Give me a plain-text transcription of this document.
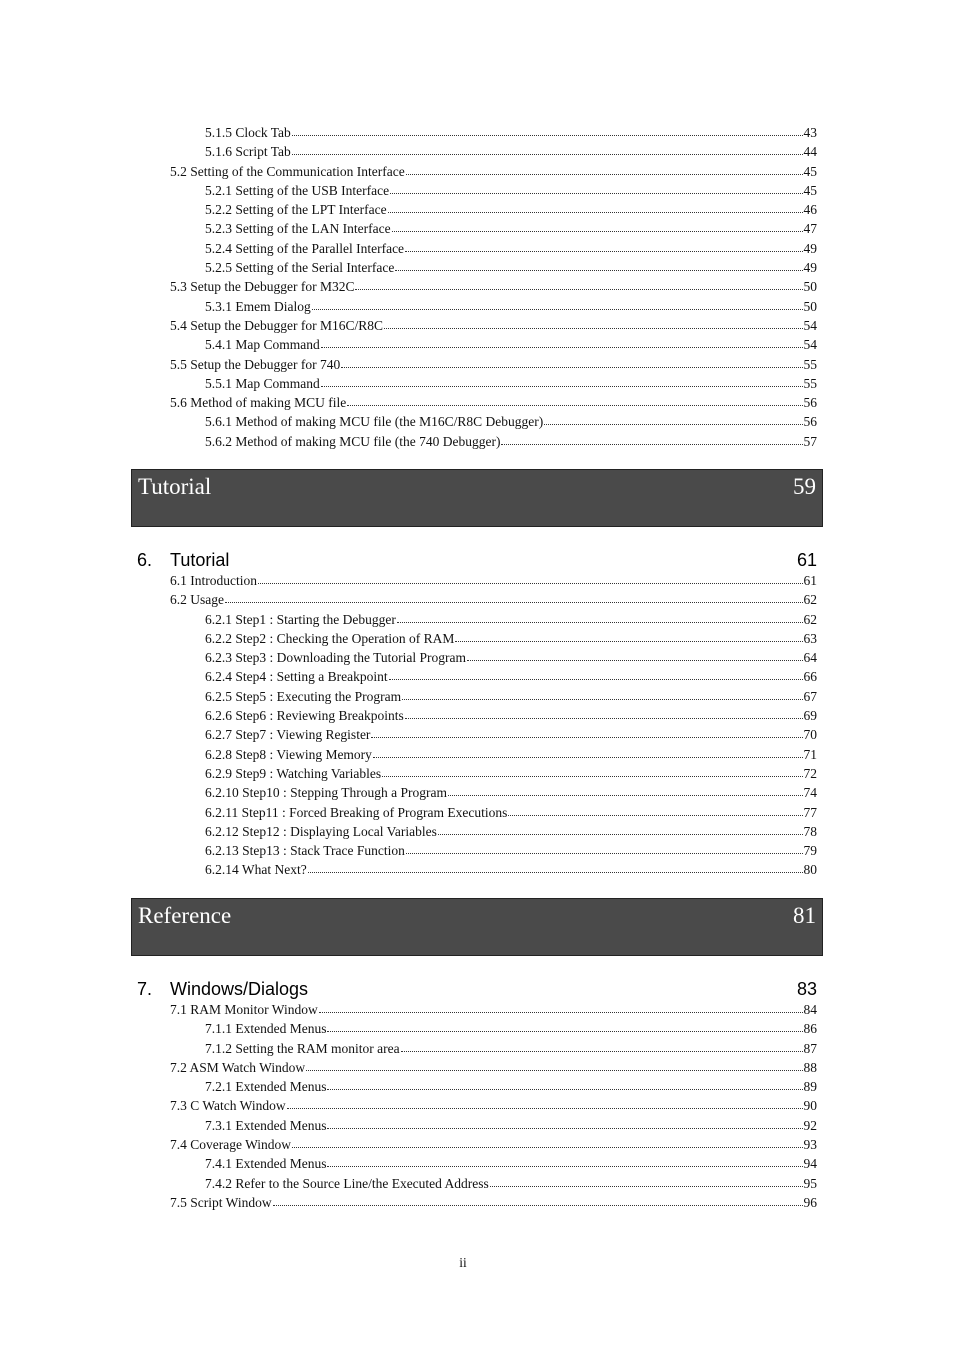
5.1.5 Clock Tab	43
5.1.6 Script Tab	44
5.2 Setting of the Communication Interface	45
5.2.1 Setting of the USB Interface	45
5.2.2 Setting of the LPT Interface	46
5.2.3 Setting of the LAN Interface	47
5.2.4 Setting of the Parallel Interface	49
5.2.5 Setting of the Serial Interface	49
5.3 Setup the Debugger for M32C	50
5.3.1 Emem Dialog	50
5.4 Setup the Debugger for M16C/R8C	54
5.4.1 Map Command	54
5.5 Setup the Debugger for 740	55
5.5.1 Map Command	55
5.6 Method of making MCU file	56
5.6.1 Method of making MCU file (the M16C/R8C Debugger)	56
5.6.2 Method of making MCU file (the 740 Debugger)	57
Tutorial	59
6. Tutorial	61
6.1 Introduction	61
6.2 Usage	62
6.2.1 Step1 : Starting the Debugger	62
6.2.2 Step2 : Checking the Operation of RAM	63
6.2.3 Step3 : Downloading the Tutorial Program	64
6.2.4 Step4 : Setting a Breakpoint	66
6.2.5 Step5 : Executing the Program	67
6.2.6 Step6 : Reviewing Breakpoints	69
6.2.7 Step7 : Viewing Register	70
6.2.8 Step8 : Viewing Memory	71
6.2.9 Step9 : Watching Variables	72
6.2.10 Step10 : Stepping Through a Program	74
6.2.11 Step11 : Forced Breaking of Program Executions	77
6.2.12 Step12 : Displaying Local Variables	78
6.2.13 Step13 : Stack Trace Function	79
6.2.14 What Next?	80
Reference	81
7. Windows/Dialogs	83
7.1 RAM Monitor Window	84
7.1.1 Extended Menus	86
7.1.2 Setting the RAM monitor area	87
7.2 ASM Watch Window	88
7.2.1 Extended Menus	89
7.3 C Watch Window	90
7.3.1 Extended Menus	92
7.4 Coverage Window	93
7.4.1 Extended Menus	94
7.4.2 Refer to the Source Line/the Executed Address	95
7.5 Script Window	96
ii
